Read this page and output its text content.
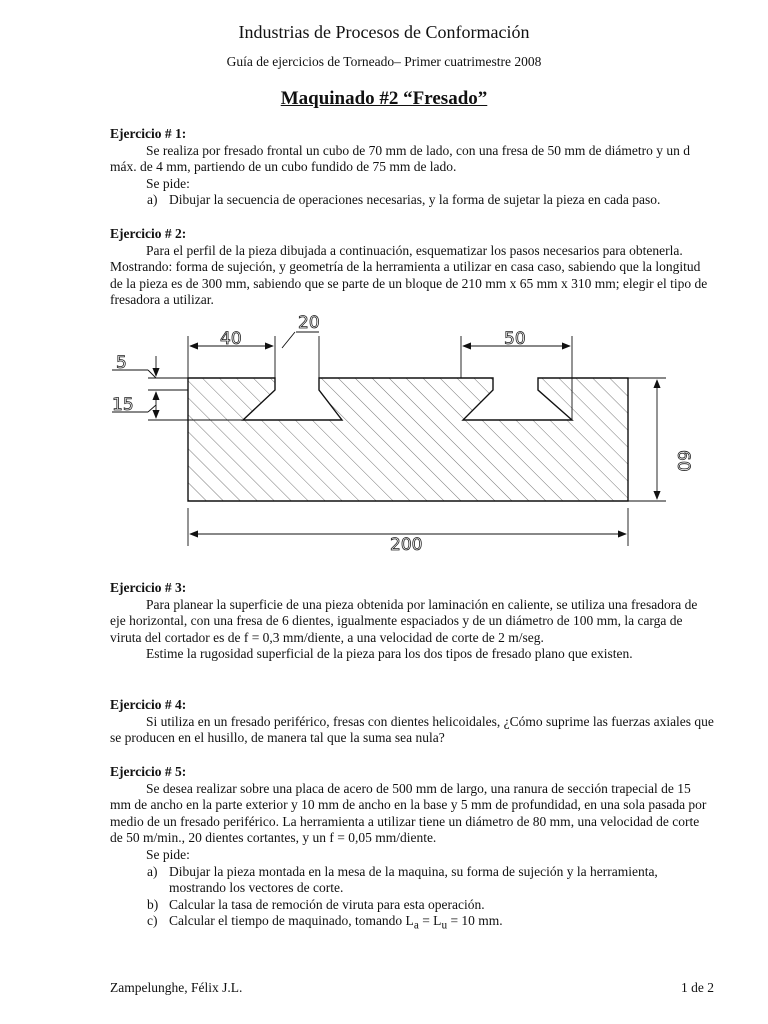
Industrias de Procesos de Conformación
Guía de ejercicios de Torneado– Primer cuatrimestre 2008
Maquinado #2 “Fresado”
Ejercicio # 1:
Se realiza por fresado frontal un cubo de 70 mm de lado, con una fresa de 50 mm de diámetro y un d máx. de 4 mm, partiendo de un cubo fundido de 75 mm de lado.
Se pide:
a) Dibujar la secuencia de operaciones necesarias, y la forma de sujetar la pieza en cada paso.
Ejercicio # 2:
Para el perfil de la pieza dibujada a continuación, esquematizar los pasos necesarios para obtenerla. Mostrando: forma de sujeción, y geometría de la herramienta a utilizar en casa caso, sabiendo que la longitud de la pieza es de 300 mm, sabiendo que se parte de un bloque de 210 mm x 65 mm x 310 mm; elegir el tipo de fresadora a utilizar.
40
20
50
5
15
60
200
Ejercicio # 3:
Para planear la superficie de una pieza obtenida por laminación en caliente, se utiliza una fresadora de eje horizontal, con una fresa de 6 dientes, igualmente espaciados y de un diámetro de 100 mm, la carga de viruta del cortador es de f = 0,3 mm/diente, a una velocidad de corte de 2 m/seg.
Estime la rugosidad superficial de la pieza para los dos tipos de fresado plano que existen.
Ejercicio # 4:
Si utiliza en un fresado periférico, fresas con dientes helicoidales, ¿Cómo suprime las fuerzas axiales que se producen en el husillo, de manera tal que la suma sea nula?
Ejercicio # 5:
Se desea realizar sobre una placa de acero de 500 mm de largo, una ranura de sección trapecial de 15 mm de ancho en la parte exterior y 10 mm de ancho en la base y 5 mm de profundidad, en una sola pasada por medio de un fresado periférico. La herramienta a utilizar tiene un diámetro de 80 mm, una velocidad de corte de 50 m/min., 20 dientes cortantes, y un f = 0,05 mm/diente.
Se pide:
a) Dibujar la pieza montada en la mesa de la maquina, su forma de sujeción y la herramienta, mostrando los vectores de corte.
b) Calcular la tasa de remoción de viruta para esta operación.
c) Calcular el tiempo de maquinado, tomando $L_a = L_u = 10$ mm.
Zampelunghe, Félix J.L.	1 de 2
